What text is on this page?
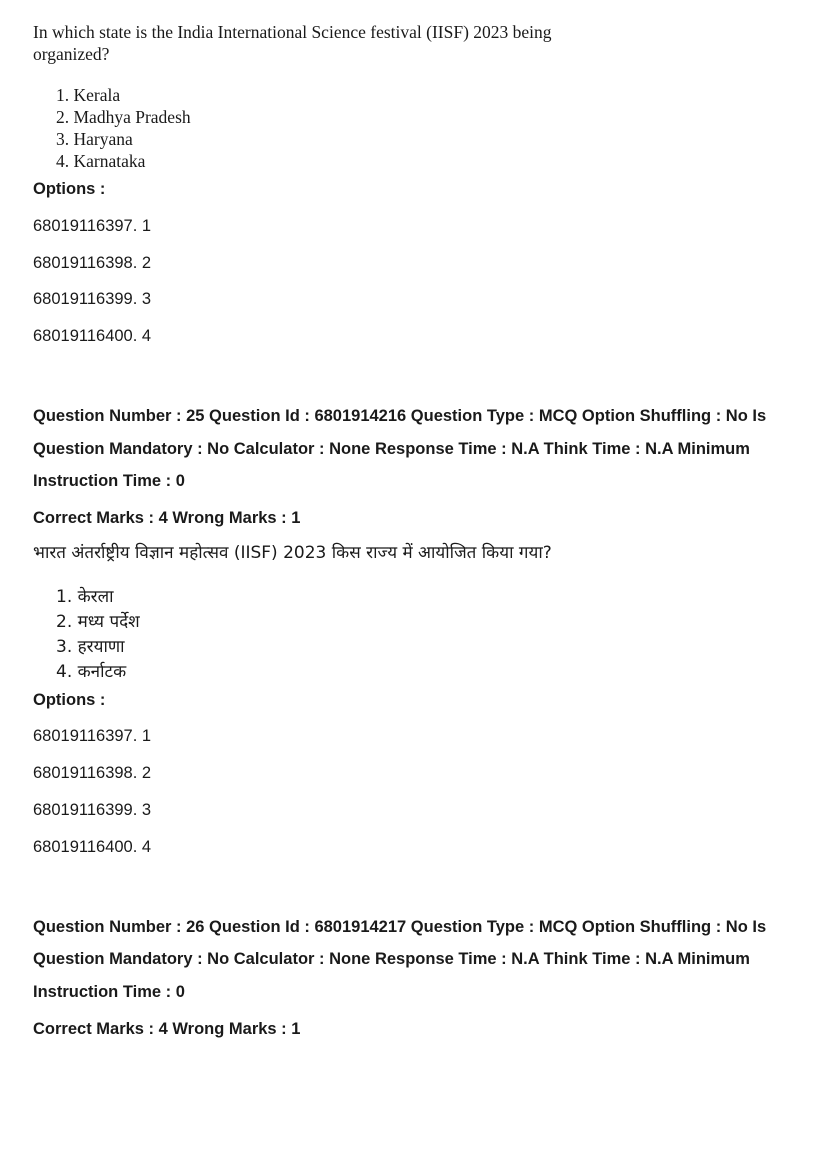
In which state is the India International Science festival (IISF) 2023 being
organized?
1. Kerala
2. Madhya Pradesh
3. Haryana
4. Karnataka
Options :
68019116397. 1
68019116398. 2
68019116399. 3
68019116400. 4
Question Number : 25 Question Id : 6801914216 Question Type : MCQ Option Shuffling : No Is
Question Mandatory : No Calculator : None Response Time : N.A Think Time : N.A Minimum
Instruction Time : 0
Correct Marks : 4 Wrong Marks : 1
भारत अंतर्राष्ट्रीय विज्ञान महोत्सव (IISF) 2023 किस राज्य में आयोजित किया गया?
1. केरला
2. मध्य पर्देश
3. हरयाणा
4. कर्नाटक
Options :
68019116397. 1
68019116398. 2
68019116399. 3
68019116400. 4
Question Number : 26 Question Id : 6801914217 Question Type : MCQ Option Shuffling : No Is
Question Mandatory : No Calculator : None Response Time : N.A Think Time : N.A Minimum
Instruction Time : 0
Correct Marks : 4 Wrong Marks : 1
